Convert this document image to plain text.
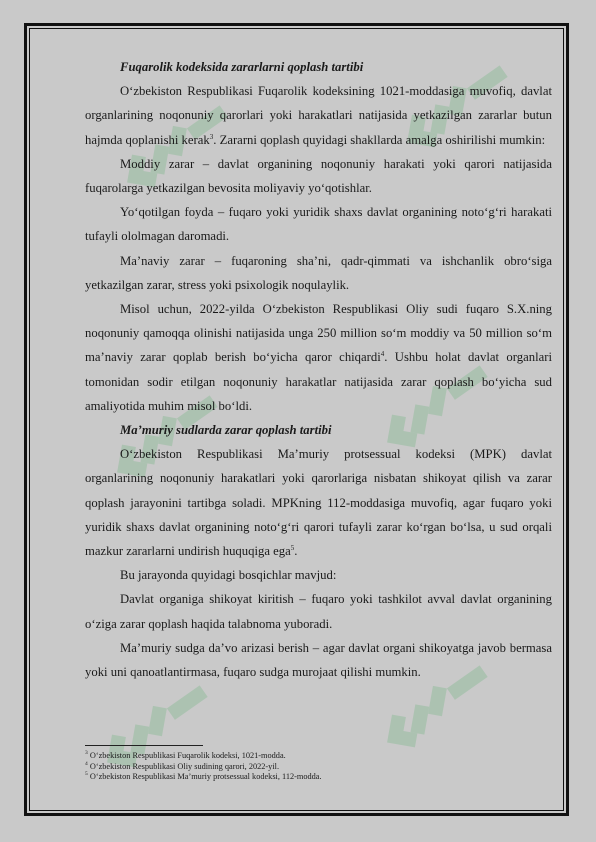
Fuqarolik kodeksida zararlarni qoplash tartibi

O‘zbekiston Respublikasi Fuqarolik kodeksining 1021-moddasiga muvofiq, davlat organlarining noqonuniy qarorlari yoki harakatlari natijasida yetkazilgan zararlar butun hajmda qoplanishi kerak$^3$. Zararni qoplash quyidagi shakllarda amalga oshirilishi mumkin:

Moddiy zarar – davlat organining noqonuniy harakati yoki qarori natijasida fuqarolarga yetkazilgan bevosita moliyaviy yo‘qotishlar.

Yo‘qotilgan foyda – fuqaro yoki yuridik shaxs davlat organining noto‘g‘ri harakati tufayli ololmagan daromadi.

Ma’naviy zarar – fuqaroning sha’ni, qadr-qimmati va ishchanlik obro‘siga yetkazilgan zarar, stress yoki psixologik noqulaylik.

Misol uchun, 2022-yilda O‘zbekiston Respublikasi Oliy sudi fuqaro S.X.ning noqonuniy qamoqqa olinishi natijasida unga 250 million so‘m moddiy va 50 million so‘m ma’naviy zarar qoplab berish bo‘yicha qaror chiqardi$^4$. Ushbu holat davlat organlari tomonidan sodir etilgan noqonuniy harakatlar natijasida zarar qoplash bo‘yicha sud amaliyotida muhim misol bo‘ldi.

Ma’muriy sudlarda zarar qoplash tartibi

O‘zbekiston Respublikasi Ma’muriy protsessual kodeksi (MPK) davlat organlarining noqonuniy harakatlari yoki qarorlariga nisbatan shikoyat qilish va zarar qoplash jarayonini tartibga soladi. MPKning 112-moddasiga muvofiq, agar fuqaro yoki yuridik shaxs davlat organining noto‘g‘ri qarori tufayli zarar ko‘rgan bo‘lsa, u sud orqali mazkur zararlarni undirish huquqiga ega$^5$.

Bu jarayonda quyidagi bosqichlar mavjud:

Davlat organiga shikoyat kiritish – fuqaro yoki tashkilot avval davlat organining o‘ziga zarar qoplash haqida talabnoma yuboradi.

Ma’muriy sudga da’vo arizasi berish – agar davlat organi shikoyatga javob bermasa yoki uni qanoatlantirmasa, fuqaro sudga murojaat qilishi mumkin.

$^3$ O‘zbekiston Respublikasi Fuqarolik kodeksi, 1021-modda.
$^4$ O‘zbekiston Respublikasi Oliy sudining qarori, 2022-yil.
$^5$ O‘zbekiston Respublikasi Ma’muriy protsessual kodeksi, 112-modda.
